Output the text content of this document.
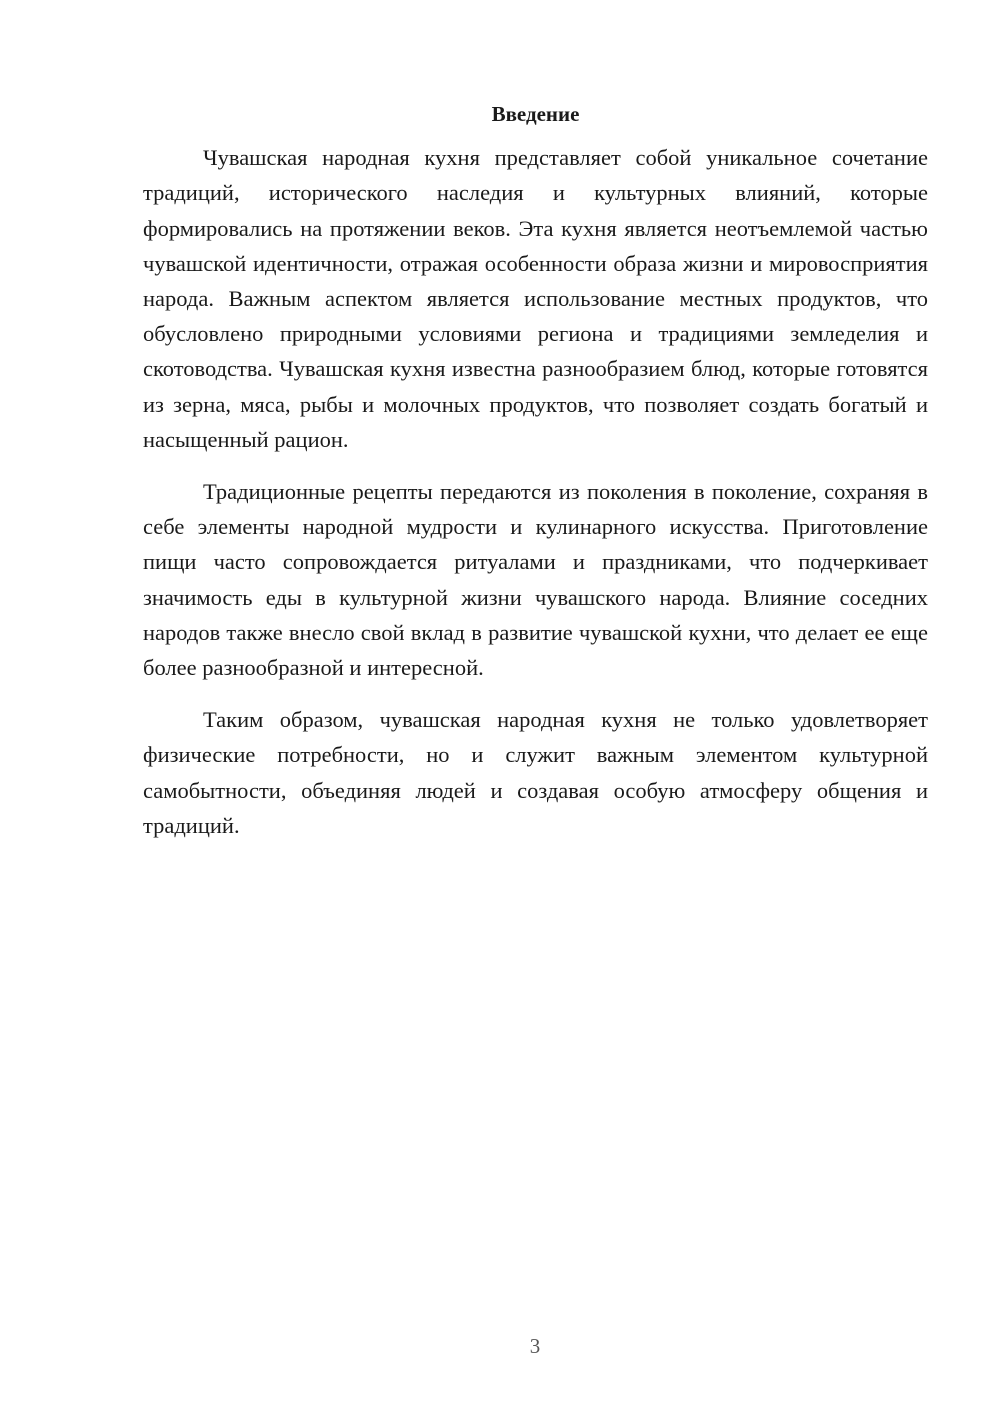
Введение

Чувашская народная кухня представляет собой уникальное сочетание традиций, исторического наследия и культурных влияний, которые формировались на протяжении веков. Эта кухня является неотъемлемой частью чувашской идентичности, отражая особенности образа жизни и мировосприятия народа. Важным аспектом является использование местных продуктов, что обусловлено природными условиями региона и традициями земледелия и скотоводства. Чувашская кухня известна разнообразием блюд, которые готовятся из зерна, мяса, рыбы и молочных продуктов, что позволяет создать богатый и насыщенный рацион.

Традиционные рецепты передаются из поколения в поколение, сохраняя в себе элементы народной мудрости и кулинарного искусства. Приготовление пищи часто сопровождается ритуалами и праздниками, что подчеркивает значимость еды в культурной жизни чувашского народа. Влияние соседних народов также внесло свой вклад в развитие чувашской кухни, что делает ее еще более разнообразной и интересной.

Таким образом, чувашская народная кухня не только удовлетворяет физические потребности, но и служит важным элементом культурной самобытности, объединяя людей и создавая особую атмосферу общения и традиций.

3
